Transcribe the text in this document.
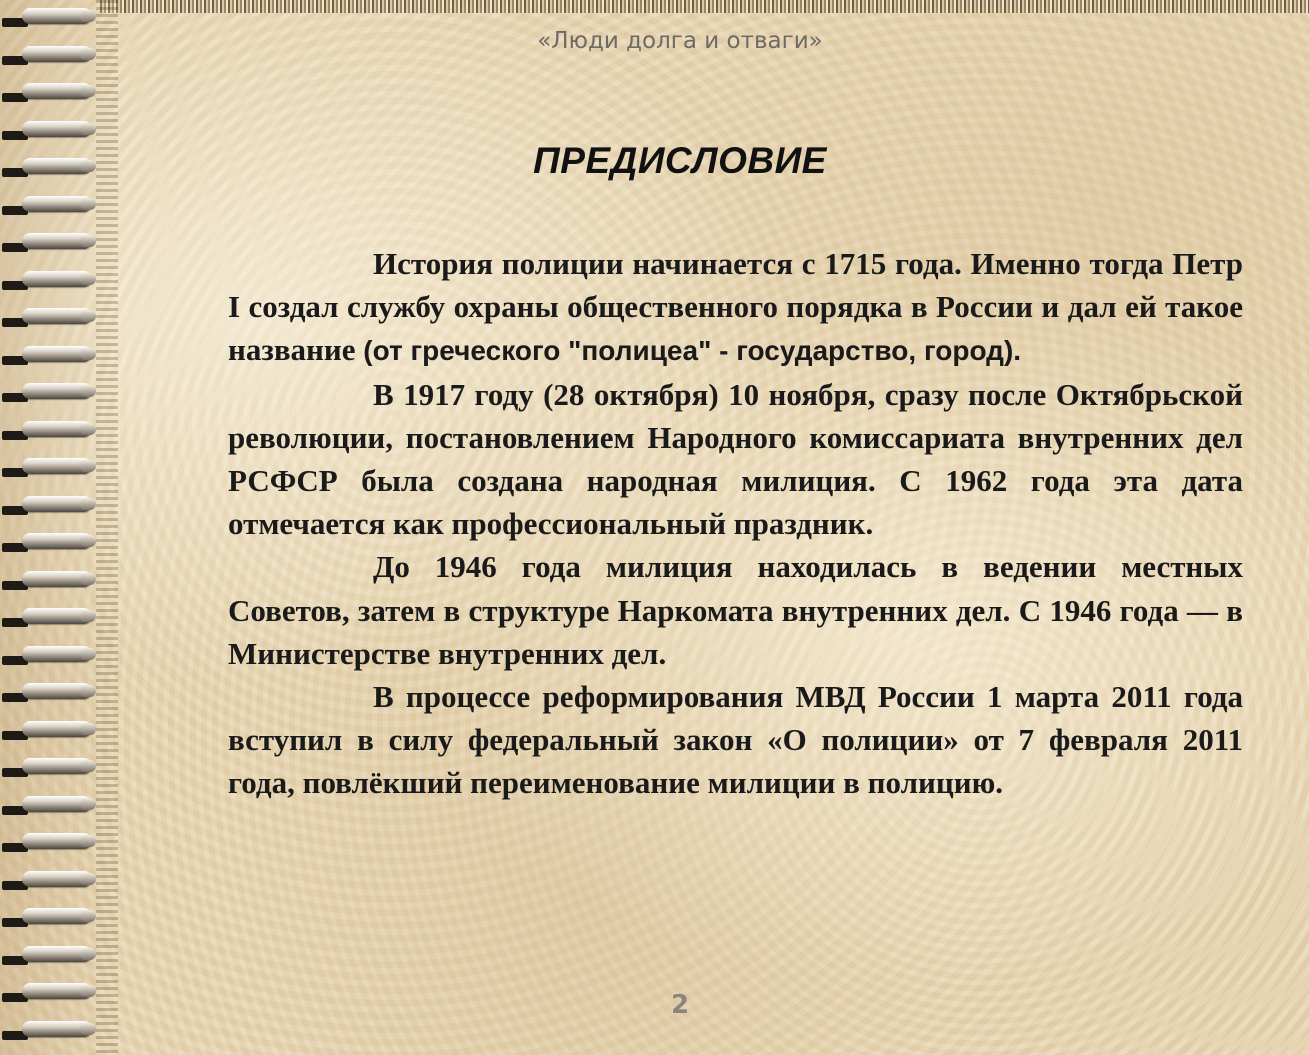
«Люди долга и отваги»
ПРЕДИСЛОВИЕ

История полиции начинается с 1715 года. Именно тогда Петр I создал службу охраны общественного порядка в России и дал ей такое название (от греческого "полицеа" - государство, город).

В 1917 году (28 октября) 10 ноября, сразу после Октябрьской революции, постановлением Народного комиссариата внутренних дел РСФСР была создана народная милиция. С 1962 года эта дата отмечается как профессиональный праздник.

До 1946 года милиция находилась в ведении местных Советов, затем в структуре Наркомата внутренних дел. С 1946 года — в Министерстве внутренних дел.

В процессе реформирования МВД России 1 марта 2011 года вступил в силу федеральный закон «О полиции» от 7 февраля 2011 года, повлёкший переименование милиции в полицию.

2
